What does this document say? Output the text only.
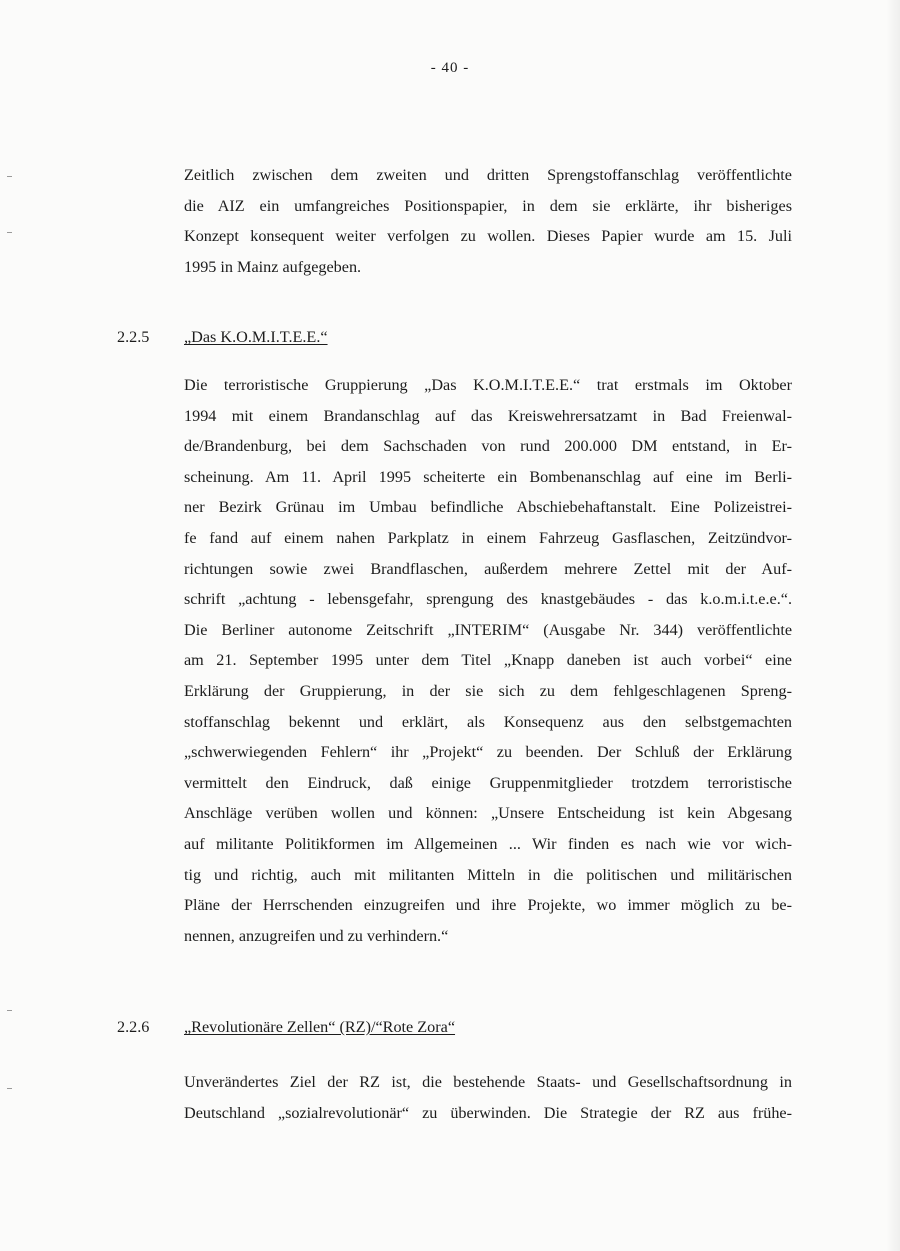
- 40 -
Zeitlich zwischen dem zweiten und dritten Sprengstoffanschlag veröffentlichte
die AIZ ein umfangreiches Positionspapier, in dem sie erklärte, ihr bisheriges
Konzept konsequent weiter verfolgen zu wollen. Dieses Papier wurde am 15. Juli
1995 in Mainz aufgegeben.
2.2.5 „Das K.O.M.I.T.E.E.“
Die terroristische Gruppierung „Das K.O.M.I.T.E.E.“ trat erstmals im Oktober
1994 mit einem Brandanschlag auf das Kreiswehrersatzamt in Bad Freienwal-
de/Brandenburg, bei dem Sachschaden von rund 200.000 DM entstand, in Er-
scheinung. Am 11. April 1995 scheiterte ein Bombenanschlag auf eine im Berli-
ner Bezirk Grünau im Umbau befindliche Abschiebehaftanstalt. Eine Polizeistrei-
fe fand auf einem nahen Parkplatz in einem Fahrzeug Gasflaschen, Zeitzündvor-
richtungen sowie zwei Brandflaschen, außerdem mehrere Zettel mit der Auf-
schrift „achtung - lebensgefahr, sprengung des knastgebäudes - das k.o.m.i.t.e.e.“.
Die Berliner autonome Zeitschrift „INTERIM“ (Ausgabe Nr. 344) veröffentlichte
am 21. September 1995 unter dem Titel „Knapp daneben ist auch vorbei“ eine
Erklärung der Gruppierung, in der sie sich zu dem fehlgeschlagenen Spreng-
stoffanschlag bekennt und erklärt, als Konsequenz aus den selbstgemachten
„schwerwiegenden Fehlern“ ihr „Projekt“ zu beenden. Der Schluß der Erklärung
vermittelt den Eindruck, daß einige Gruppenmitglieder trotzdem terroristische
Anschläge verüben wollen und können: „Unsere Entscheidung ist kein Abgesang
auf militante Politikformen im Allgemeinen ... Wir finden es nach wie vor wich-
tig und richtig, auch mit militanten Mitteln in die politischen und militärischen
Pläne der Herrschenden einzugreifen und ihre Projekte, wo immer möglich zu be-
nennen, anzugreifen und zu verhindern.“
2.2.6 „Revolutionäre Zellen“ (RZ)/“Rote Zora“
Unverändertes Ziel der RZ ist, die bestehende Staats- und Gesellschaftsordnung in
Deutschland „sozialrevolutionär“ zu überwinden. Die Strategie der RZ aus frühe-
